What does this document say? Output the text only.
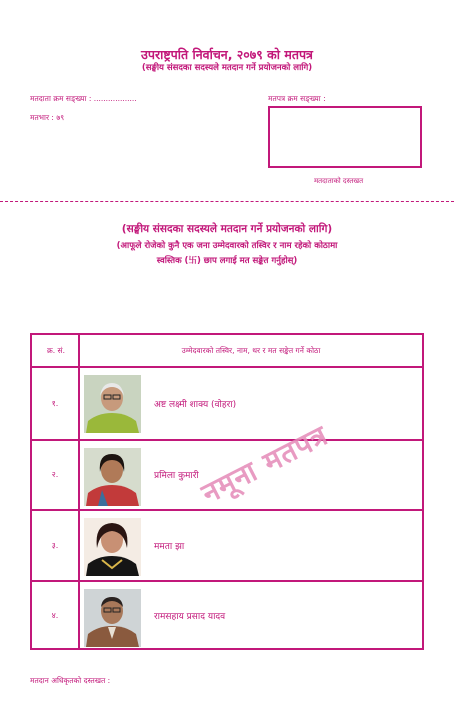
उपराष्ट्रपति निर्वाचन, २०७९ को मतपत्र
(सङ्घीय संसदका सदस्यले मतदान गर्ने प्रयोजनको लागि)
मतदाता क्रम सङ्ख्या : ..................
मतभार : ७९
मतपत्र क्रम सङ्ख्या :
मतदाताको दस्तखत
(सङ्घीय संसदका सदस्यले मतदान गर्ने प्रयोजनको लागि)
(आफूले रोजेको कुनै एक जना उम्मेदवारको तस्विर र नाम रहेको कोठामा
स्वस्तिक (卐) छाप लगाई मत सङ्केत गर्नुहोस्)
क्र. सं.	उम्मेदवारको तस्विर, नाम, थर र मत सङ्केत गर्ने कोठा
१.	अष्ट लक्ष्मी शाक्य (वोहरा)
२.	प्रमिला कुमारी
३.	ममता झा
४.	रामसहाय प्रसाद यादव
नमूना मतपत्र
मतदान अधिकृतको दस्तखत :
